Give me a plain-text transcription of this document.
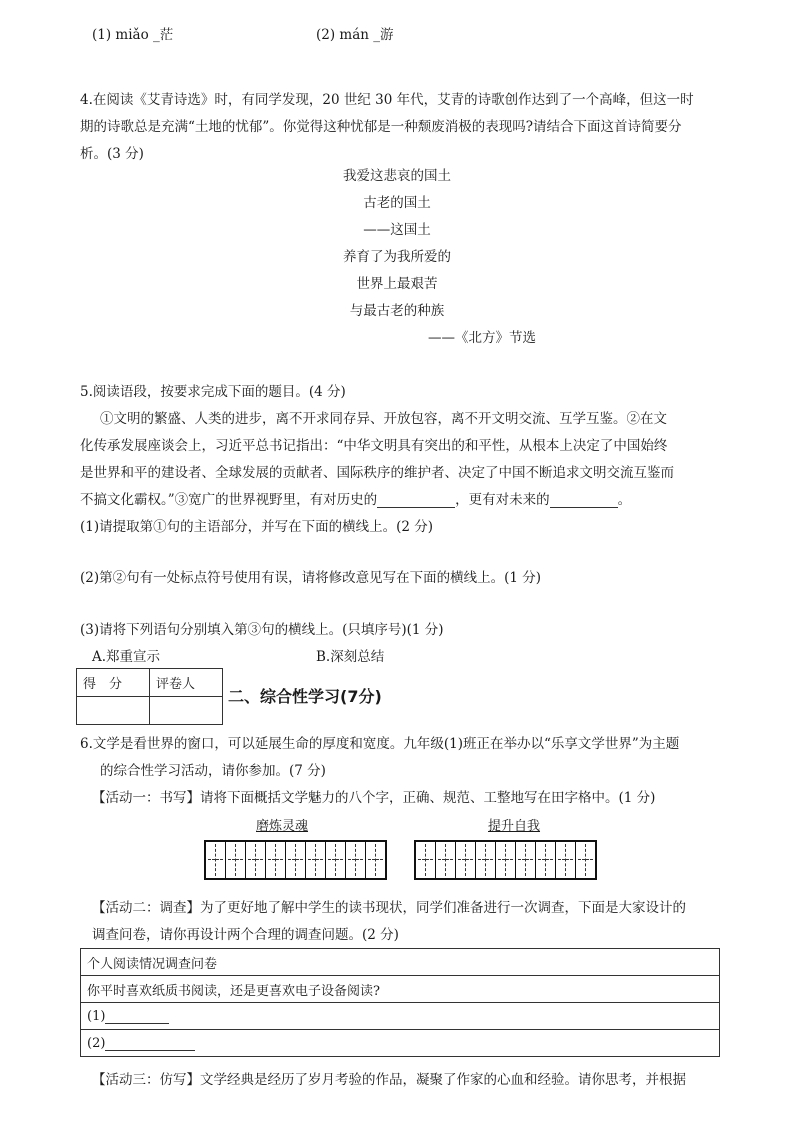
(1) miǎo _茫	(2) mán _游
4.在阅读《艾青诗选》时，有同学发现，20 世纪 30 年代，艾青的诗歌创作达到了一个高峰，但这一时
期的诗歌总是充满“土地的忧郁”。你觉得这种忧郁是一种颓废消极的表现吗?请结合下面这首诗简要分
析。(3 分)
我爱这悲哀的国土
古老的国土
——这国土
养育了为我所爱的
世界上最艰苦
与最古老的种族
——《北方》节选
5.阅读语段，按要求完成下面的题目。(4 分)
①文明的繁盛、人类的进步，离不开求同存异、开放包容，离不开文明交流、互学互鉴。②在文
化传承发展座谈会上，习近平总书记指出：“中华文明具有突出的和平性，从根本上决定了中国始终
是世界和平的建设者、全球发展的贡献者、国际秩序的维护者、决定了中国不断追求文明交流互鉴而
不搞文化霸权。”③宽广的世界视野里，有对历史的	，更有对未来的	。
(1)请提取第①句的主语部分，并写在下面的横线上。(2 分)
(2)第②句有一处标点符号使用有误，请将修改意见写在下面的横线上。(1 分)
(3)请将下列语句分别填入第③句的横线上。(只填序号)(1 分)
A.郑重宣示	B.深刻总结
得　分	评卷人

二、综合性学习(7分)
6.文学是看世界的窗口，可以延展生命的厚度和宽度。九年级(1)班正在举办以“乐享文学世界”为主题
的综合性学习活动，请你参加。(7 分)
【活动一：书写】请将下面概括文学魅力的八个字，正确、规范、工整地写在田字格中。(1 分)
磨炼灵魂	提升自我
【活动二：调查】为了更好地了解中学生的读书现状，同学们准备进行一次调查，下面是大家设计的
调查问卷，请你再设计两个合理的调查问题。(2 分)
个人阅读情况调查问卷
你平时喜欢纸质书阅读，还是更喜欢电子设备阅读?
(1)
(2)
【活动三：仿写】文学经典是经历了岁月考验的作品，凝聚了作家的心血和经验。请你思考，并根据
